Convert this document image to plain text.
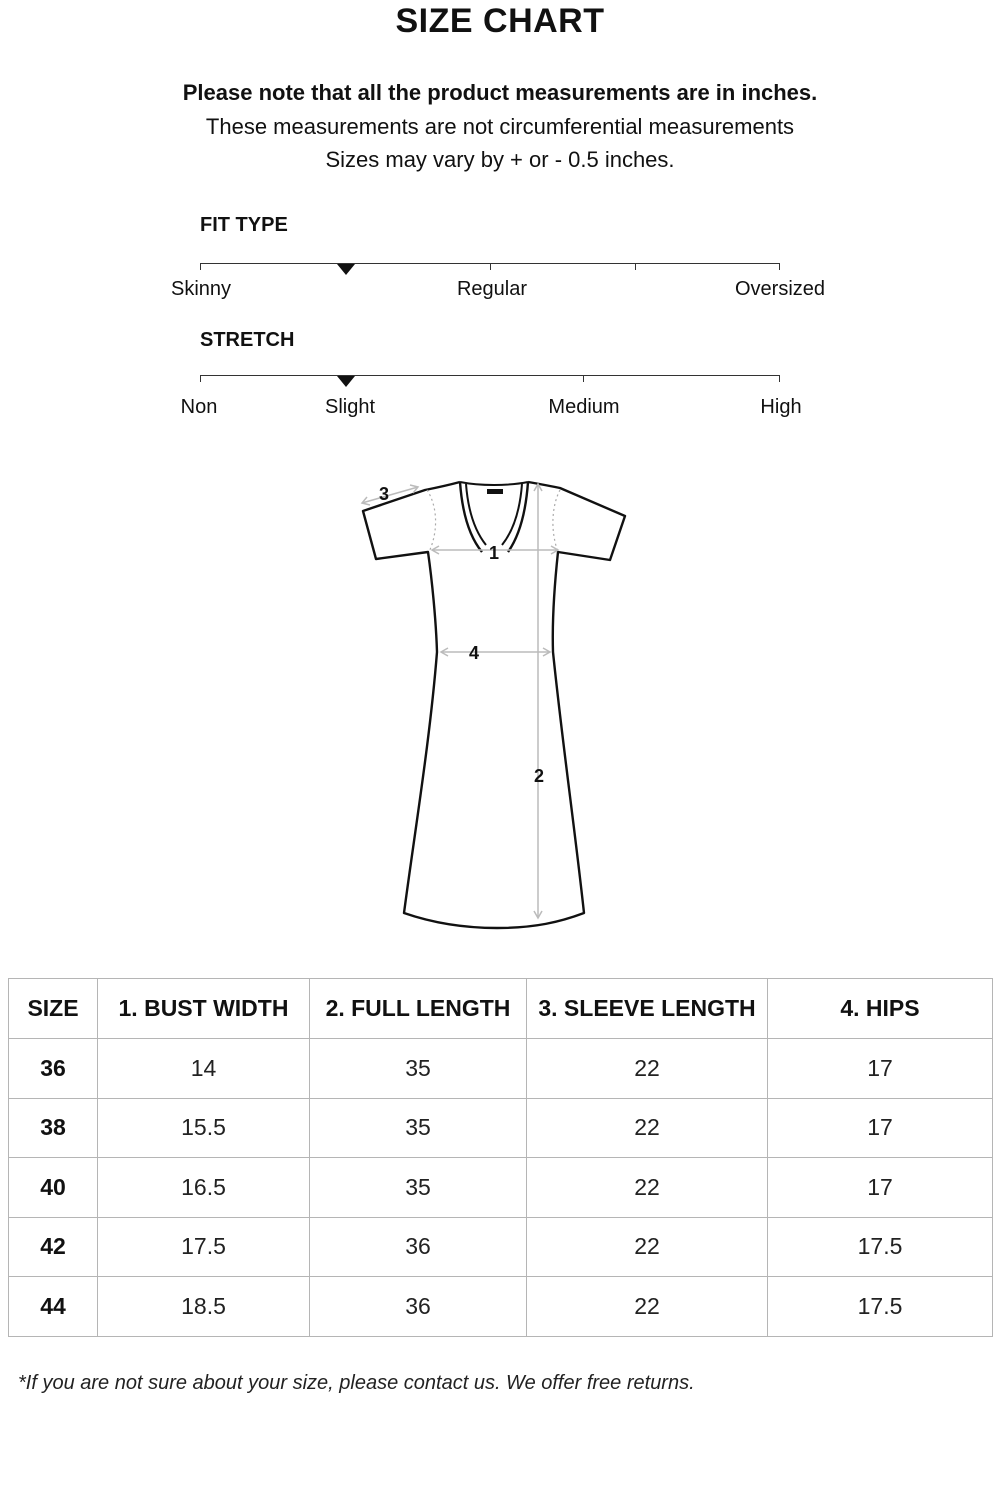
SIZE CHART
Please note that all the product measurements are in inches.
These measurements are not circumferential measurements
Sizes may vary by + or - 0.5 inches.
FIT TYPE
Skinny	Regular	Oversized
STRETCH
Non	Slight	Medium	High
1
2
3
4
SIZE	1. BUST WIDTH	2. FULL LENGTH	3. SLEEVE LENGTH	4. HIPS
36	14	35	22	17
38	15.5	35	22	17
40	16.5	35	22	17
42	17.5	36	22	17.5
44	18.5	36	22	17.5
*If you are not sure about your size, please contact us. We offer free returns.
